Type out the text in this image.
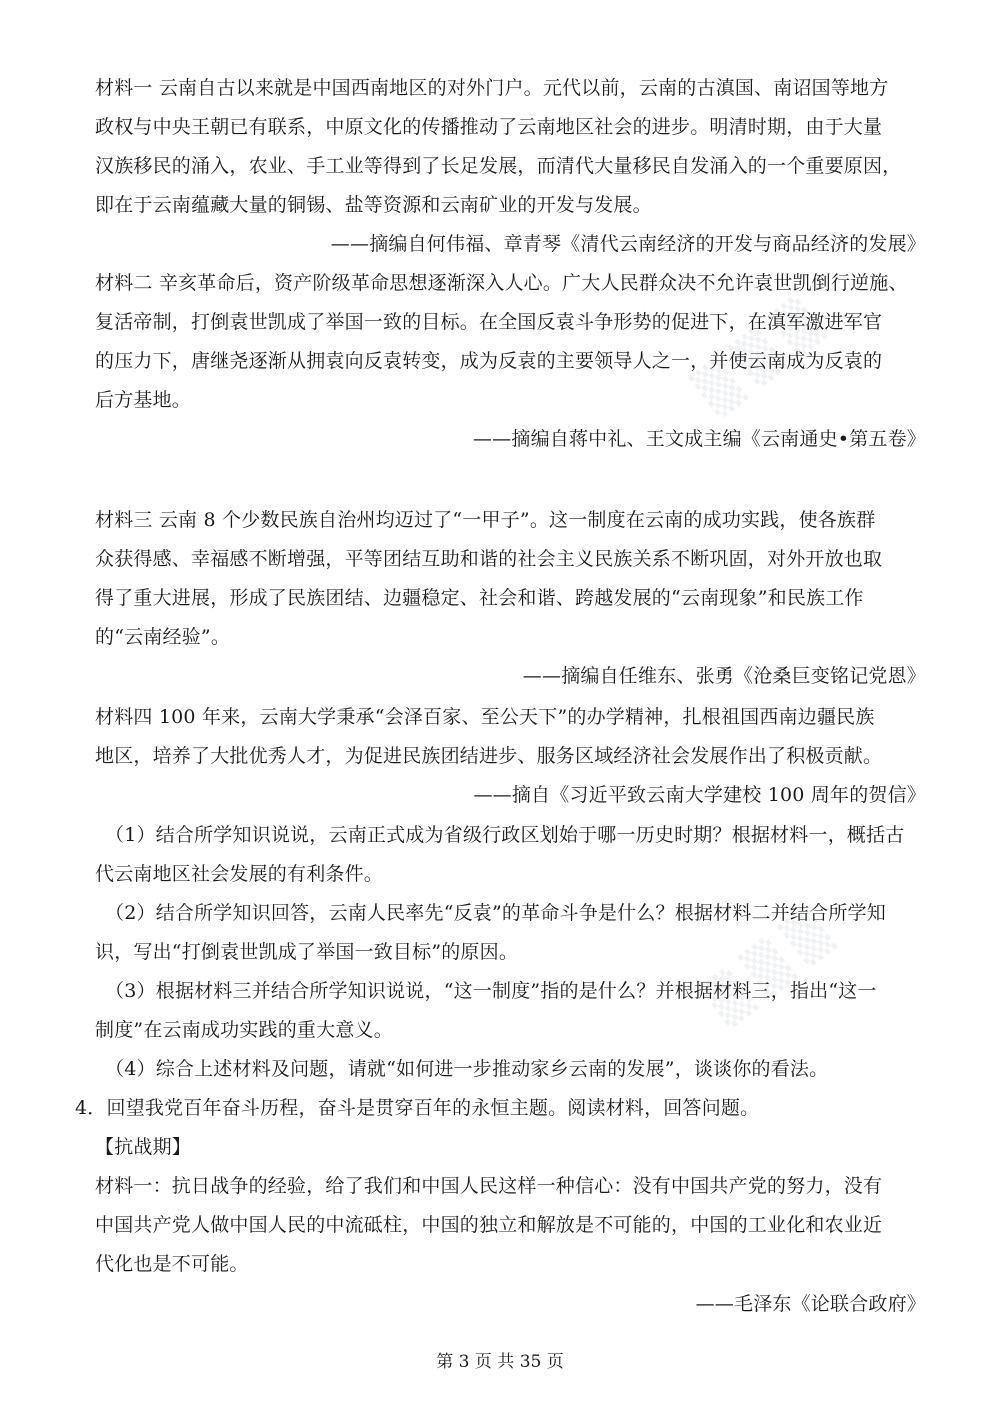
▒ ▒ ▒
▒ ▒ ▒
材料一 云南自古以来就是中国西南地区的对外门户。元代以前，云南的古滇国、南诏国等地方
政权与中央王朝已有联系，中原文化的传播推动了云南地区社会的进步。明清时期，由于大量
汉族移民的涌入，农业、手工业等得到了长足发展，而清代大量移民自发涌入的一个重要原因，
即在于云南蕴藏大量的铜锡、盐等资源和云南矿业的开发与发展。
——摘编自何伟福、章青琴《清代云南经济的开发与商品经济的发展》
材料二 辛亥革命后，资产阶级革命思想逐渐深入人心。广大人民群众决不允许袁世凯倒行逆施、
复活帝制，打倒袁世凯成了举国一致的目标。在全国反袁斗争形势的促进下，在滇军激进军官
的压力下，唐继尧逐渐从拥袁向反袁转变，成为反袁的主要领导人之一，并使云南成为反袁的
后方基地。
——摘编自蒋中礼、王文成主编《云南通史•第五卷》
材料三 云南 8 个少数民族自治州均迈过了“一甲子”。这一制度在云南的成功实践，使各族群
众获得感、幸福感不断增强，平等团结互助和谐的社会主义民族关系不断巩固，对外开放也取
得了重大进展，形成了民族团结、边疆稳定、社会和谐、跨越发展的“云南现象”和民族工作
的“云南经验”。
——摘编自任维东、张勇《沧桑巨变铭记党恩》
材料四 100 年来，云南大学秉承“会泽百家、至公天下”的办学精神，扎根祖国西南边疆民族
地区，培养了大批优秀人才，为促进民族团结进步、服务区域经济社会发展作出了积极贡献。
——摘自《习近平致云南大学建校 100 周年的贺信》
（1）结合所学知识说说，云南正式成为省级行政区划始于哪一历史时期？根据材料一，概括古
代云南地区社会发展的有利条件。
（2）结合所学知识回答，云南人民率先“反袁”的革命斗争是什么？根据材料二并结合所学知
识，写出“打倒袁世凯成了举国一致目标”的原因。
（3）根据材料三并结合所学知识说说，“这一制度”指的是什么？并根据材料三，指出“这一
制度”在云南成功实践的重大意义。
（4）综合上述材料及问题，请就“如何进一步推动家乡云南的发展”，谈谈你的看法。
4．回望我党百年奋斗历程，奋斗是贯穿百年的永恒主题。阅读材料，回答问题。
【抗战期】
材料一：抗日战争的经验，给了我们和中国人民这样一种信心：没有中国共产党的努力，没有
中国共产党人做中国人民的中流砥柱，中国的独立和解放是不可能的，中国的工业化和农业近
代化也是不可能。
——毛泽东《论联合政府》
第 3 页 共 35 页
